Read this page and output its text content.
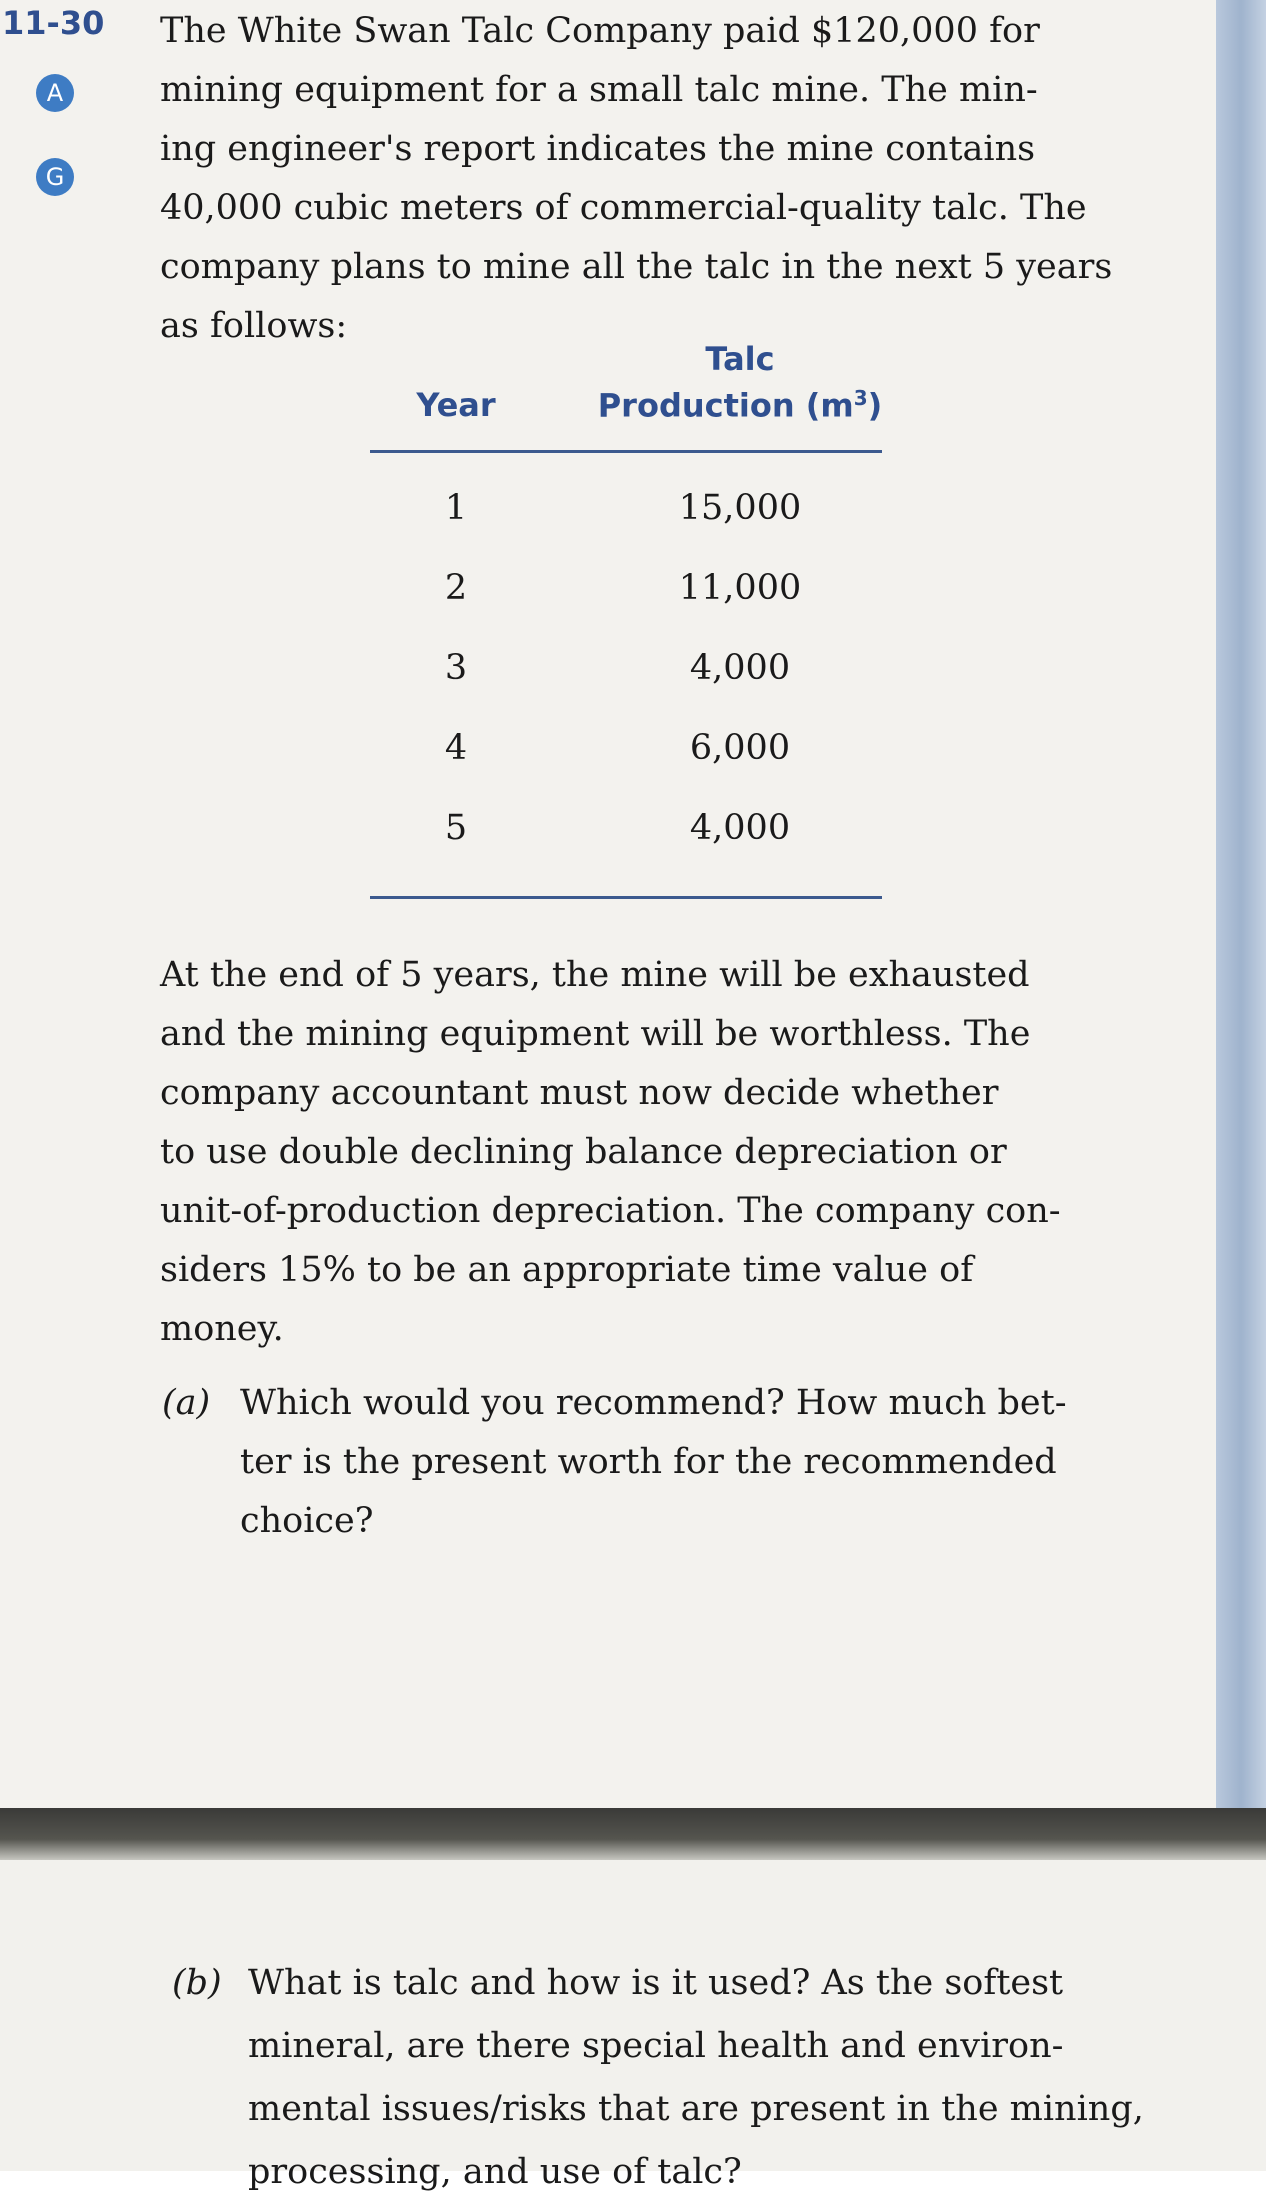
11-30
A
G
The White Swan Talc Company paid $120,000 for
mining equipment for a small talc mine. The min-
ing engineer's report indicates the mine contains
40,000 cubic meters of commercial-quality talc. The
company plans to mine all the talc in the next 5 years
as follows:
Talc
Year	Production $(m^3)$
1	15,000
2	11,000
3	4,000
4	6,000
5	4,000
At the end of 5 years, the mine will be exhausted
and the mining equipment will be worthless. The
company accountant must now decide whether
to use double declining balance depreciation or
unit-of-production depreciation. The company con-
siders 15% to be an appropriate time value of
money.
(a) Which would you recommend? How much bet-
ter is the present worth for the recommended
choice?
(b) What is talc and how is it used? As the softest
mineral, are there special health and environ-
mental issues/risks that are present in the mining,
processing, and use of talc?
